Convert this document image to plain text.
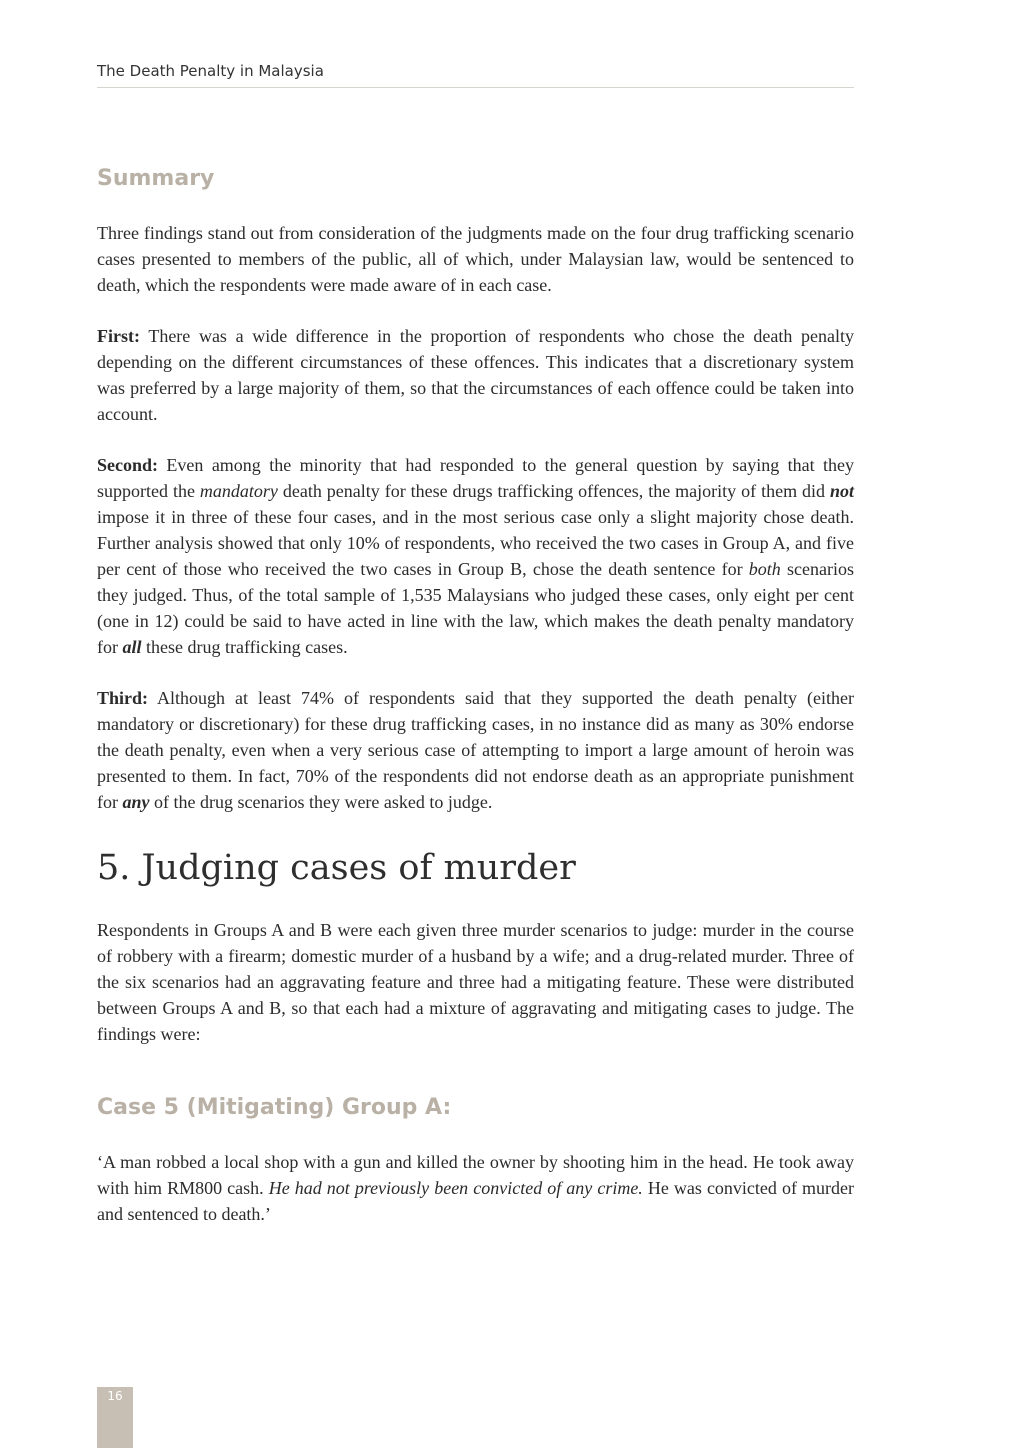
The Death Penalty in Malaysia
Summary

Three findings stand out from consideration of the judgments made on the four drug trafficking scenario cases presented to members of the public, all of which, under Malaysian law, would be sentenced to death, which the respondents were made aware of in each case.

First: There was a wide difference in the proportion of respondents who chose the death penalty depending on the different circumstances of these offences. This indicates that a discretionary system was preferred by a large majority of them, so that the circumstances of each offence could be taken into account.

Second: Even among the minority that had responded to the general question by saying that they supported the mandatory death penalty for these drugs trafficking offences, the majority of them did not impose it in three of these four cases, and in the most serious case only a slight majority chose death. Further analysis showed that only 10% of respondents, who received the two cases in Group A, and five per cent of those who received the two cases in Group B, chose the death sentence for both scenarios they judged. Thus, of the total sample of 1,535 Malaysians who judged these cases, only eight per cent (one in 12) could be said to have acted in line with the law, which makes the death penalty mandatory for all these drug trafficking cases.

Third: Although at least 74% of respondents said that they supported the death penalty (either mandatory or discretionary) for these drug trafficking cases, in no instance did as many as 30% endorse the death penalty, even when a very serious case of attempting to import a large amount of heroin was presented to them. In fact, 70% of the respondents did not endorse death as an appropriate punishment for any of the drug scenarios they were asked to judge.

5. Judging cases of murder

Respondents in Groups A and B were each given three murder scenarios to judge: murder in the course of robbery with a firearm; domestic murder of a husband by a wife; and a drug-related murder. Three of the six scenarios had an aggravating feature and three had a mitigating feature. These were distributed between Groups A and B, so that each had a mixture of aggravating and mitigating cases to judge. The findings were:

Case 5 (Mitigating) Group A:

‘A man robbed a local shop with a gun and killed the owner by shooting him in the head. He took away with him RM800 cash. He had not previously been convicted of any crime. He was convicted of murder and sentenced to death.’

16
